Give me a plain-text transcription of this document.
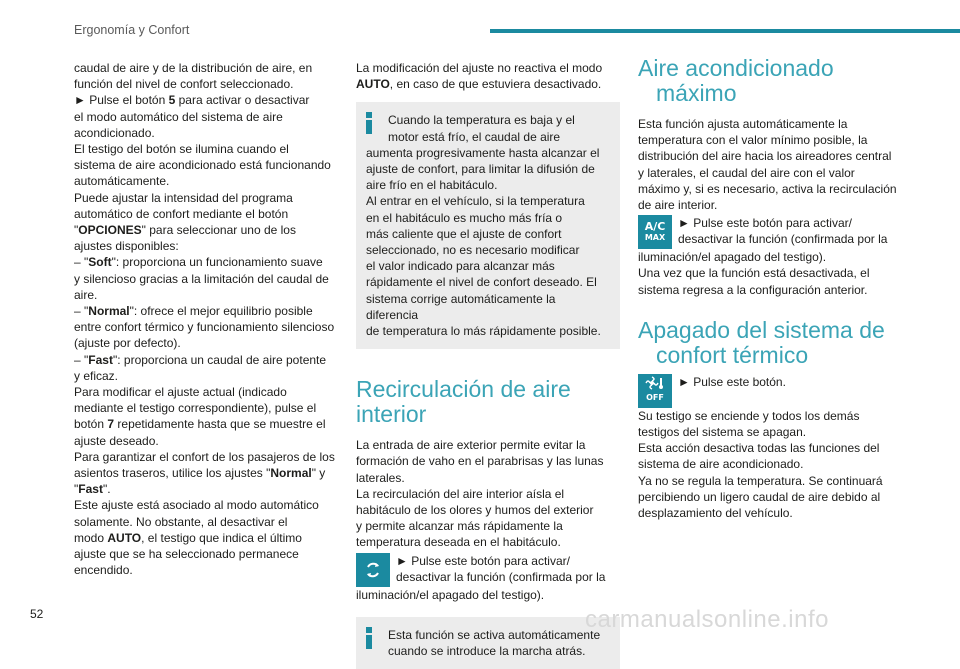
Ergonomía y Confort

caudal de aire y de la distribución de aire, en

función del nivel de confort seleccionado.

► Pulse el botón 5 para activar o desactivar

el modo automático del sistema de aire

acondicionado.

El testigo del botón se ilumina cuando el

sistema de aire acondicionado está funcionando

automáticamente.

Puede ajustar la intensidad del programa

automático de confort mediante el botón

"OPCIONES" para seleccionar uno de los

ajustes disponibles:

– "Soft": proporciona un funcionamiento suave

y silencioso gracias a la limitación del caudal de

aire.

– "Normal": ofrece el mejor equilibrio posible

entre confort térmico y funcionamiento silencioso

(ajuste por defecto).

– "Fast": proporciona un caudal de aire potente

y eficaz.

Para modificar el ajuste actual (indicado

mediante el testigo correspondiente), pulse el

botón 7 repetidamente hasta que se muestre el

ajuste deseado.

Para garantizar el confort de los pasajeros de los

asientos traseros, utilice los ajustes "Normal" y

"Fast".

Este ajuste está asociado al modo automático

solamente. No obstante, al desactivar el

modo AUTO, el testigo que indica el último

ajuste que se ha seleccionado permanece

encendido.

La modificación del ajuste no reactiva el modo

AUTO, en caso de que estuviera desactivado.

Cuando la temperatura es baja y el
motor está frío, el caudal de aire
aumenta progresivamente hasta alcanzar el
ajuste de confort, para limitar la difusión de
aire frío en el habitáculo.
Al entrar en el vehículo, si la temperatura
en el habitáculo es mucho más fría o
más caliente que el ajuste de confort
seleccionado, no es necesario modificar
el valor indicado para alcanzar más
rápidamente el nivel de confort deseado. El
sistema corrige automáticamente la diferencia
de temperatura lo más rápidamente posible.
Recirculación de aire
interior

La entrada de aire exterior permite evitar la

formación de vaho en el parabrisas y las lunas

laterales.

La recirculación del aire interior aísla el

habitáculo de los olores y humos del exterior

y permite alcanzar más rápidamente la

temperatura deseada en el habitáculo.

► Pulse este botón para activar/
desactivar la función (confirmada por la

iluminación/el apagado del testigo).

Esta función se activa automáticamente
cuando se introduce la marcha atrás.
Aire acondicionado
máximo

Esta función ajusta automáticamente la

temperatura con el valor mínimo posible, la

distribución del aire hacia los aireadores central

y laterales, el caudal del aire con el valor

máximo y, si es necesario, activa la recirculación

de aire interior.

A/C
MAX
► Pulse este botón para activar/
desactivar la función (confirmada por la

iluminación/el apagado del testigo).

Una vez que la función está desactivada, el

sistema regresa a la configuración anterior.

Apagado del sistema de
confort térmico
OFF
► Pulse este botón.

Su testigo se enciende y todos los demás

testigos del sistema se apagan.

Esta acción desactiva todas las funciones del

sistema de aire acondicionado.

Ya no se regula la temperatura. Se continuará

percibiendo un ligero caudal de aire debido al

desplazamiento del vehículo.

52	carmanualsonline.info
